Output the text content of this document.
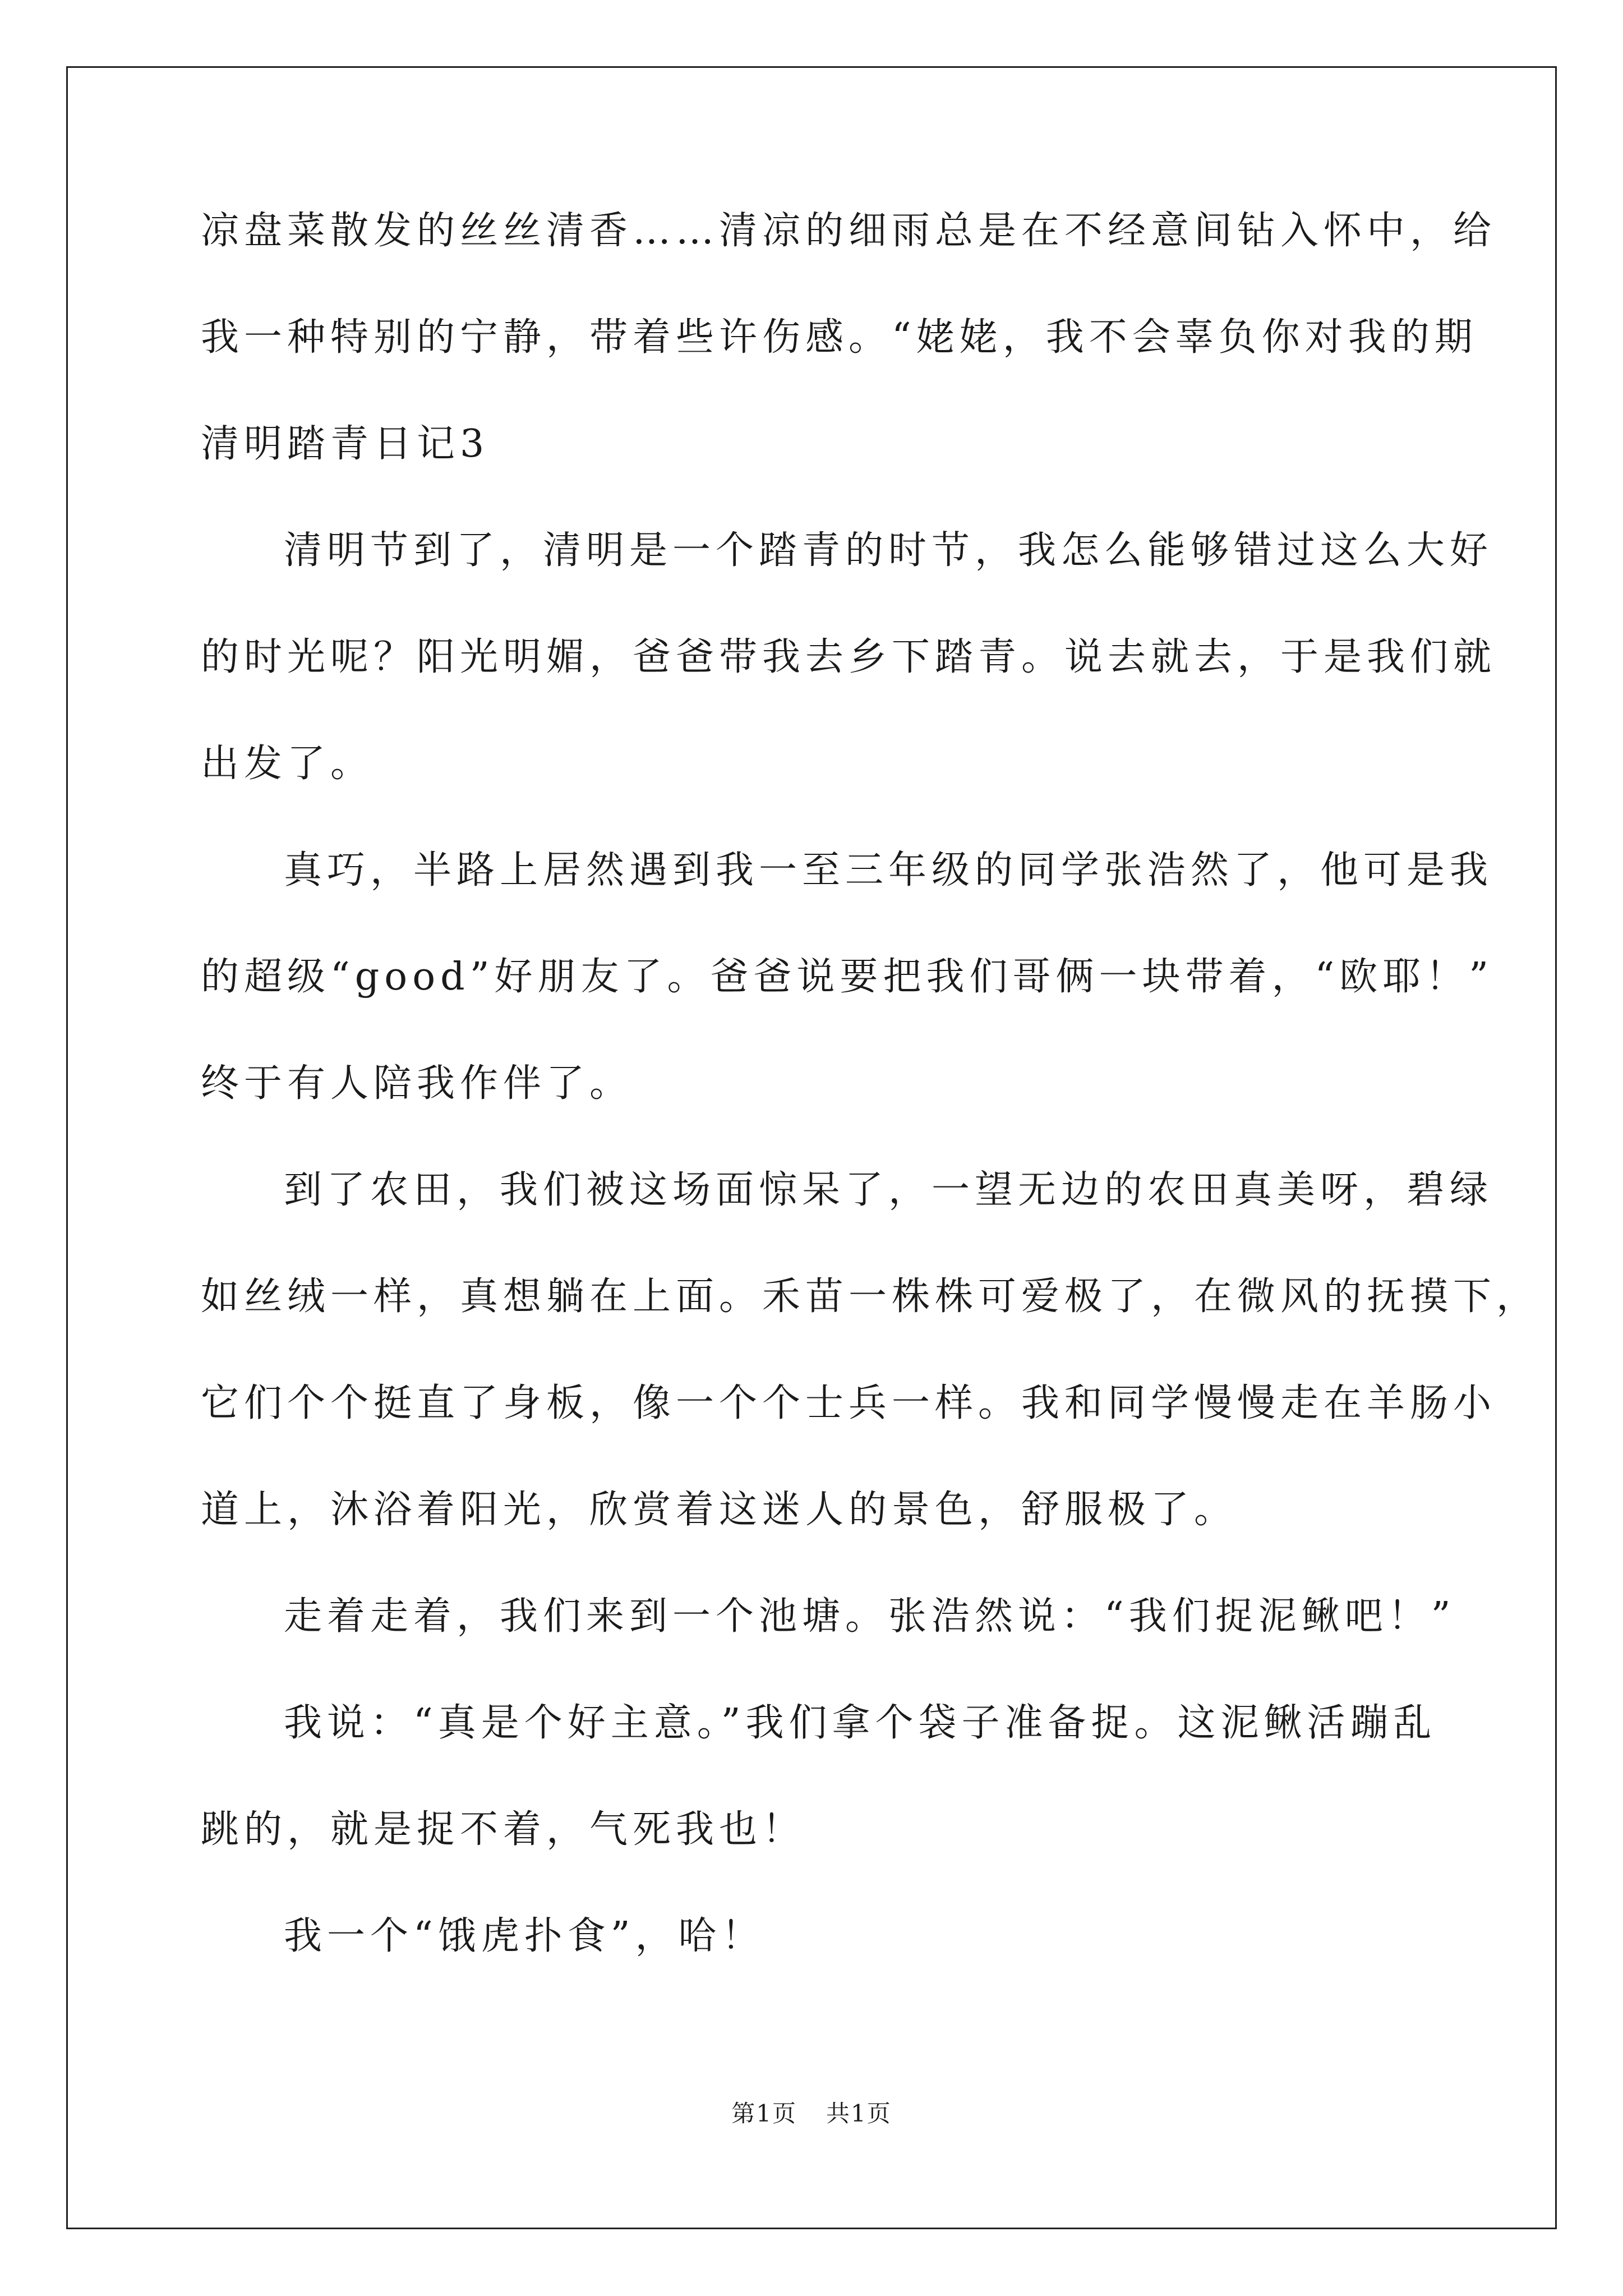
凉盘菜散发的丝丝清香……清凉的细雨总是在不经意间钻入怀中，给

我一种特别的宁静，带着些许伤感。“姥姥，我不会辜负你对我的期

清明踏青日记3

清明节到了，清明是一个踏青的时节，我怎么能够错过这么大好

的时光呢？阳光明媚，爸爸带我去乡下踏青。说去就去，于是我们就

出发了。

真巧，半路上居然遇到我一至三年级的同学张浩然了，他可是我

的超级“good”好朋友了。爸爸说要把我们哥俩一块带着，“欧耶！”

终于有人陪我作伴了。

到了农田，我们被这场面惊呆了，一望无边的农田真美呀，碧绿

如丝绒一样，真想躺在上面。禾苗一株株可爱极了，在微风的抚摸下，

它们个个挺直了身板，像一个个士兵一样。我和同学慢慢走在羊肠小

道上，沐浴着阳光，欣赏着这迷人的景色，舒服极了。

走着走着，我们来到一个池塘。张浩然说：“我们捉泥鳅吧！”

我说：“真是个好主意。”我们拿个袋子准备捉。这泥鳅活蹦乱

跳的，就是捉不着，气死我也！

我一个“饿虎扑食”，哈！

第1页 共1页
